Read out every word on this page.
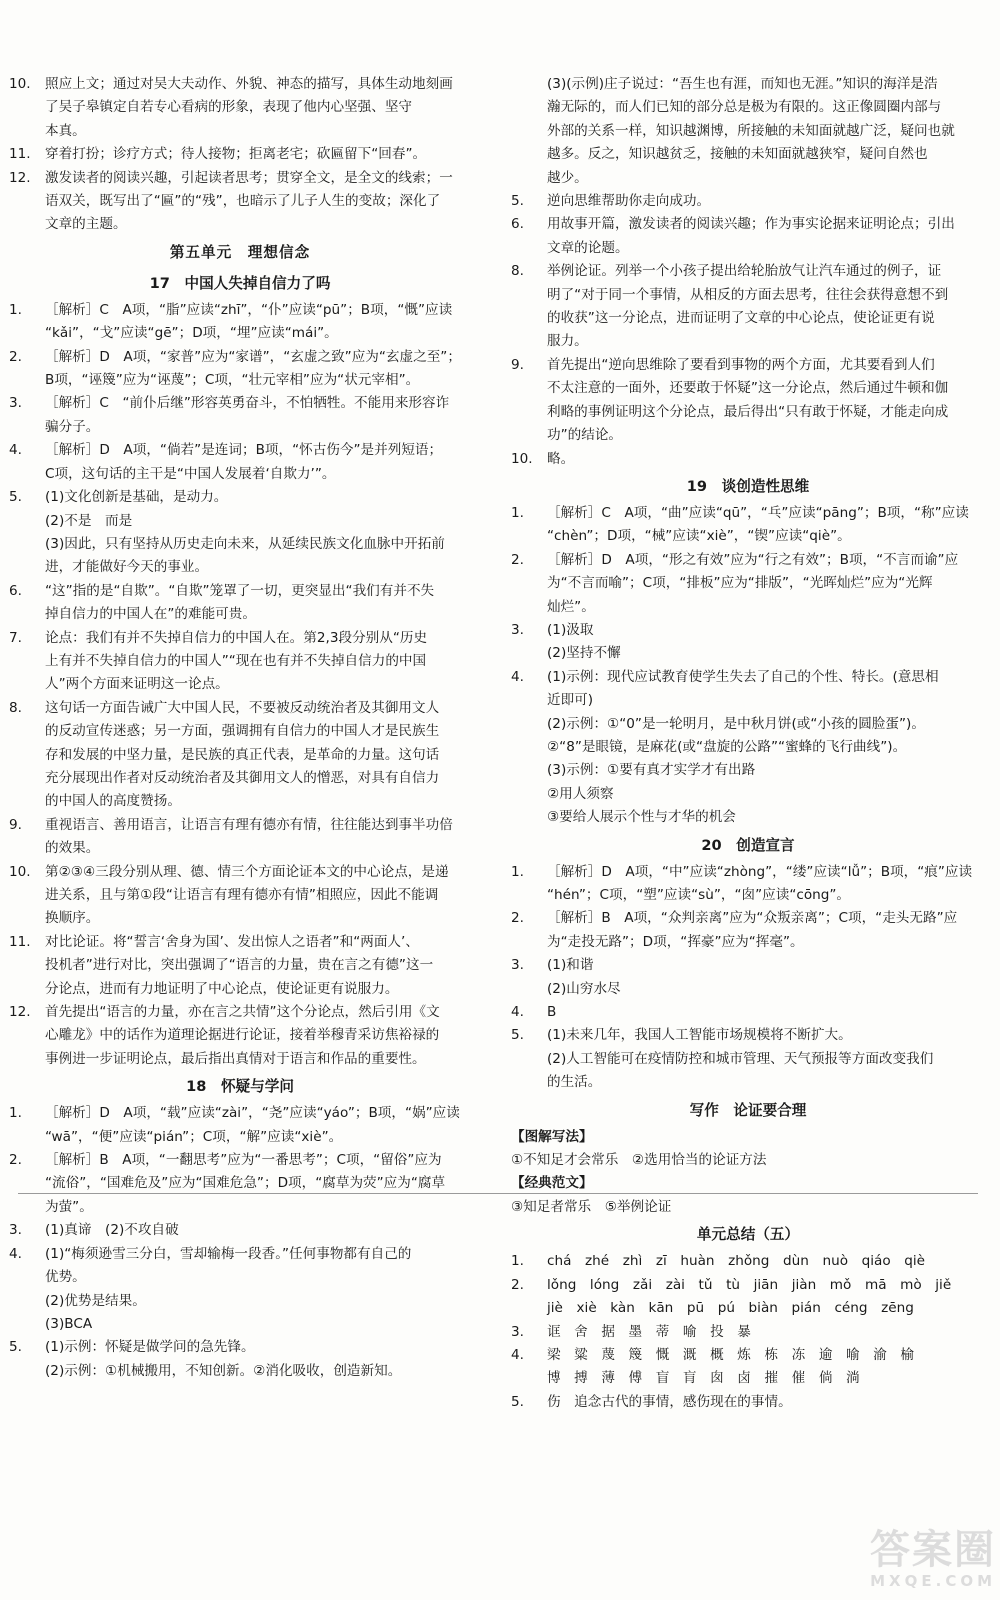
10.	照应上文；通过对吴大夫动作、外貌、神态的描写，具体生动地刻画
了吴子皋镇定自若专心看病的形象，表现了他内心坚强、坚守
本真。
11.	穿着打扮；诊疗方式；待人接物；拒离老宅；砍匾留下“回春”。
12.	激发读者的阅读兴趣，引起读者思考；贯穿全文，是全文的线索；一
语双关，既写出了“匾”的“残”，也暗示了儿子人生的变故；深化了
文章的主题。
第五单元　理想信念
17　中国人失掉自信力了吗
1.	［解析］C　A项，“脂”应读“zhī”，“仆”应读“pū”；B项，“慨”应读
“kǎi”，“戈”应读“gē”；D项，“埋”应读“mái”。
2.	［解析］D　A项，“家普”应为“家谱”，“玄虚之致”应为“玄虚之至”；
B项，“诬篾”应为“诬蔑”；C项，“壮元宰相”应为“状元宰相”。
3.	［解析］C　“前仆后继”形容英勇奋斗，不怕牺牲。不能用来形容诈
骗分子。
4.	［解析］D　A项，“倘若”是连词；B项，“怀古伤今”是并列短语；
C项，这句话的主干是“中国人发展着‘自欺力’”。
5.	(1)文化创新是基础，是动力。
(2)不是　而是
(3)因此，只有坚持从历史走向未来，从延续民族文化血脉中开拓前
进，才能做好今天的事业。
6.	“这”指的是“自欺”。“自欺”笼罩了一切，更突显出“我们有并不失
掉自信力的中国人在”的难能可贵。
7.	论点：我们有并不失掉自信力的中国人在。第2,3段分别从“历史
上有并不失掉自信力的中国人”“现在也有并不失掉自信力的中国
人”两个方面来证明这一论点。
8.	这句话一方面告诫广大中国人民，不要被反动统治者及其御用文人
的反动宣传迷惑；另一方面，强调拥有自信力的中国人才是民族生
存和发展的中坚力量，是民族的真正代表，是革命的力量。这句话
充分展现出作者对反动统治者及其御用文人的憎恶，对具有自信力
的中国人的高度赞扬。
9.	重视语言、善用语言，让语言有理有德亦有情，往往能达到事半功倍
的效果。
10.	第②③④三段分别从理、德、情三个方面论证本文的中心论点，是递
进关系，且与第①段“让语言有理有德亦有情”相照应，因此不能调
换顺序。
11.	对比论证。将“誓言‘舍身为国’、发出惊人之语者”和“两面人’、
投机者”进行对比，突出强调了“语言的力量，贵在言之有德”这一
分论点，进而有力地证明了中心论点，使论证更有说服力。
12.	首先提出“语言的力量，亦在言之共情”这个分论点，然后引用《文
心雕龙》中的话作为道理论据进行论证，接着举穆青采访焦裕禄的
事例进一步证明论点，最后指出真情对于语言和作品的重要性。
18　怀疑与学问
1.	［解析］D　A项，“载”应读“zài”，“尧”应读“yáo”；B项，“娲”应读
“wā”，“便”应读“pián”；C项，“解”应读“xiè”。
2.	［解析］B　A项，“一翻思考”应为“一番思考”；C项，“留俗”应为
“流俗”，“国难危及”应为“国难危急”；D项，“腐草为荧”应为“腐草
为萤”。
3.	(1)真谛　(2)不攻自破
4.	(1)“梅须逊雪三分白，雪却输梅一段香。”任何事物都有自己的
优势。
(2)优势是结果。
(3)BCA
5.	(1)示例：怀疑是做学问的急先锋。
(2)示例：①机械搬用，不知创新。②消化吸收，创造新知。
(3)(示例)庄子说过：“吾生也有涯，而知也无涯。”知识的海洋是浩
瀚无际的，而人们已知的部分总是极为有限的。这正像圆圈内部与
外部的关系一样，知识越渊博，所接触的未知面就越广泛，疑问也就
越多。反之，知识越贫乏，接触的未知面就越狭窄，疑问自然也
越少。
5.	逆向思维帮助你走向成功。
6.	用故事开篇，激发读者的阅读兴趣；作为事实论据来证明论点；引出
文章的论题。
8.	举例论证。列举一个小孩子提出给轮胎放气让汽车通过的例子，证
明了“对于同一个事情，从相反的方面去思考，往往会获得意想不到
的收获”这一分论点，进而证明了文章的中心论点，使论证更有说
服力。
9.	首先提出“逆向思维除了要看到事物的两个方面，尤其要看到人们
不太注意的一面外，还要敢于怀疑”这一分论点，然后通过牛顿和伽
利略的事例证明这个分论点，最后得出“只有敢于怀疑，才能走向成
功”的结论。
10.	略。
19　谈创造性思维
1.	［解析］C　A项，“曲”应读“qū”，“乓”应读“pāng”；B项，“称”应读
“chèn”；D项，“械”应读“xiè”，“锲”应读“qiè”。
2.	［解析］D　A项，“形之有效”应为“行之有效”；B项，“不言而谕”应
为“不言而喻”；C项，“排板”应为“排版”，“光晖灿烂”应为“光辉
灿烂”。
3.	(1)汲取
(2)坚持不懈
4.	(1)示例：现代应试教育使学生失去了自己的个性、特长。(意思相
近即可)
(2)示例：①“0”是一轮明月，是中秋月饼(或“小孩的圆脸蛋”)。
②“8”是眼镜，是麻花(或“盘旋的公路”“蜜蜂的飞行曲线”)。
(3)示例：①要有真才实学才有出路
②用人须察
③要给人展示个性与才华的机会
20　创造宣言
1.	［解析］D　A项，“中”应读“zhòng”，“缕”应读“lǚ”；B项，“痕”应读
“hén”；C项，“塑”应读“sù”，“囱”应读“cōng”。
2.	［解析］B　A项，“众判亲离”应为“众叛亲离”；C项，“走头无路”应
为“走投无路”；D项，“挥豪”应为“挥毫”。
3.	(1)和谐
(2)山穷水尽
4.	B
5.	(1)未来几年，我国人工智能市场规模将不断扩大。
(2)人工智能可在疫情防控和城市管理、天气预报等方面改变我们
的生活。
写作　论证要合理
【图解写法】
①不知足才会常乐　②选用恰当的论证方法
【经典范文】
③知足者常乐　⑤举例论证
单元总结（五）
1.	chá　zhé　zhì　zī　huàn　zhǒng　dùn　nuò　qiáo　qiè
2.	lǒng　lóng　zǎi　zài　tǔ　tù　jiān　jiàn　mǒ　mā　mò　jiě
jiè　xiè　kàn　kān　pū　pú　biàn　pián　céng　zēng
3.	诓　舍　据　墨　蒂　喻　投　暴
4.	梁　粱　蔑　篾　慨　溉　概　炼　栋　冻　逾　喻　渝　榆
博　搏　薄　傅　盲　肓　囱　卤　摧　催　倘　淌
5.	伤　追念古代的事情，感伤现在的事情。
答案圈
MXQE.COM
